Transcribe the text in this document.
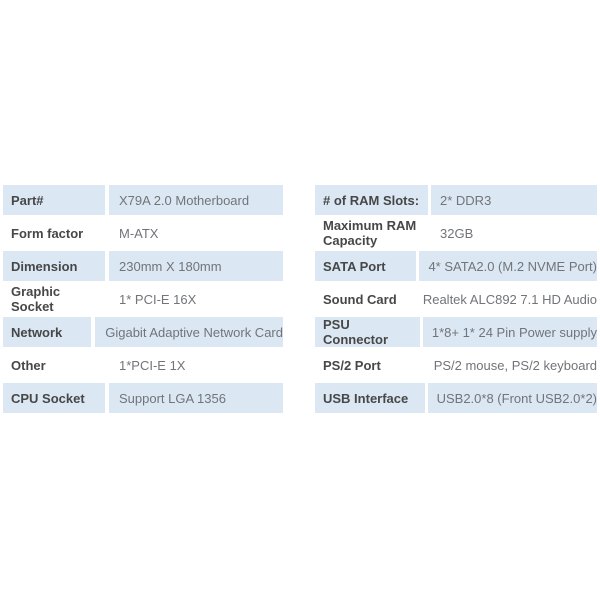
Part#	X79A 2.0 Motherboard
Form factor	M-ATX
Dimension	230mm X 180mm
Graphic Socket	1* PCI-E 16X
Network	Gigabit Adaptive Network Card
Other	1*PCI-E 1X
CPU Socket	Support LGA 1356
# of RAM Slots:	2* DDR3
Maximum RAM Capacity	32GB
SATA Port	4* SATA2.0 (M.2 NVME Port)
Sound Card	Realtek ALC892 7.1 HD Audio
PSU Connector	1*8+ 1* 24 Pin Power supply
PS/2 Port	PS/2 mouse, PS/2 keyboard
USB Interface	USB2.0*8 (Front USB2.0*2)
